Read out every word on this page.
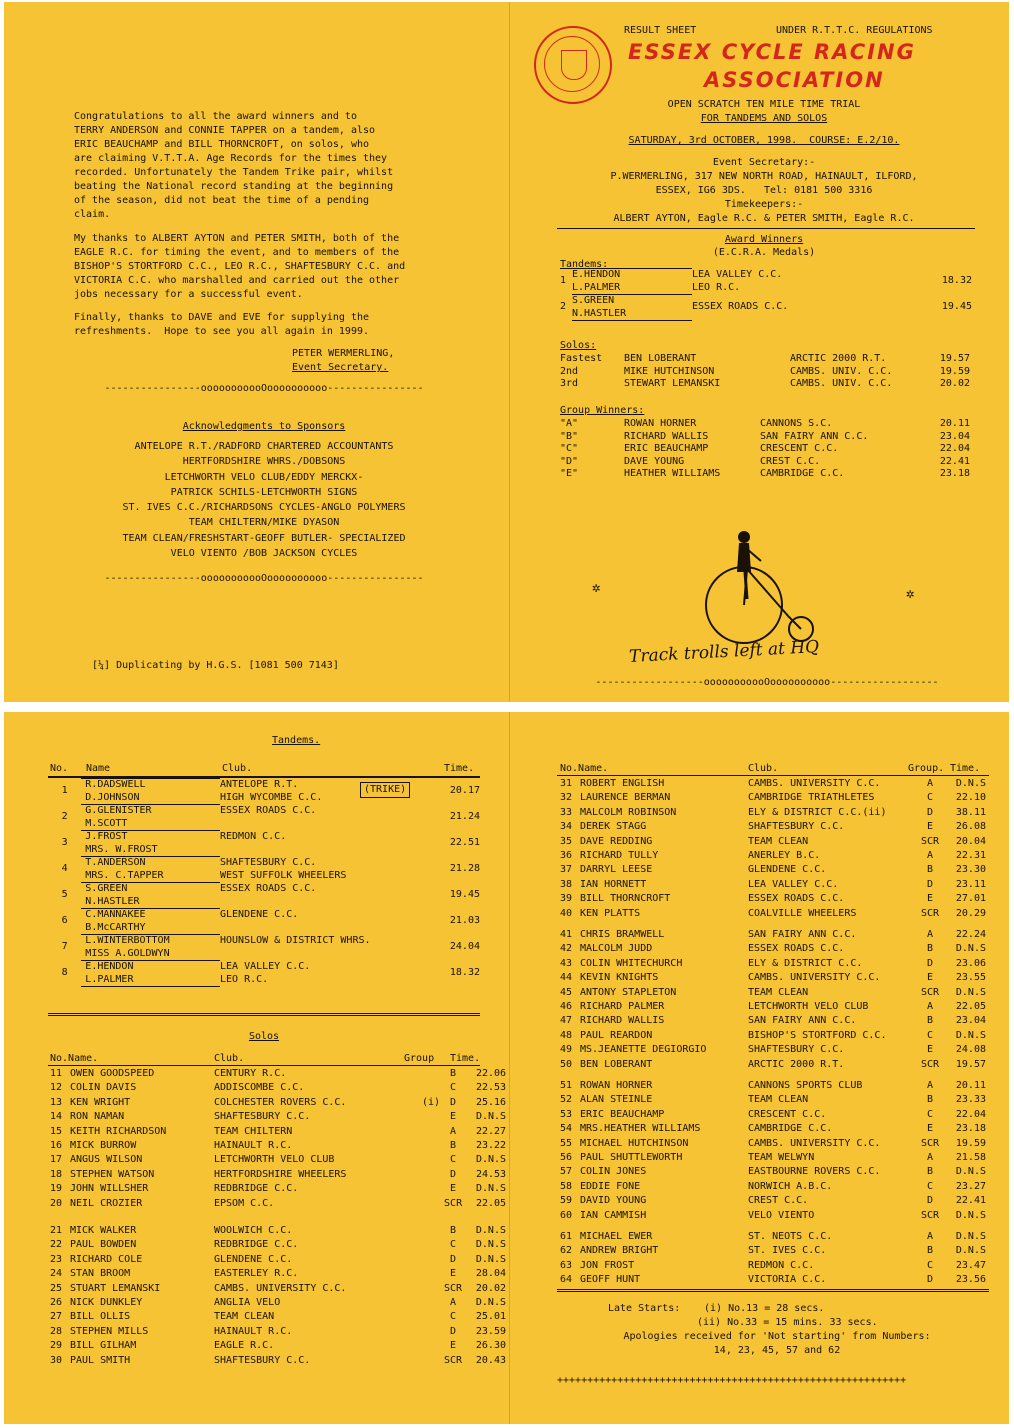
Congratulations to all the award winners and to
TERRY ANDERSON and CONNIE TAPPER on a tandem, also
ERIC BEAUCHAMP and BILL THORNCROFT, on solos, who
are claiming V.T.T.A. Age Records for the times they
recorded. Unfortunately the Tandem Trike pair, whilst
beating the National record standing at the beginning
of the season, did not beat the time of a pending
claim.
My thanks to ALBERT AYTON and PETER SMITH, both of the
EAGLE R.C. for timing the event, and to members of the
BISHOP'S STORTFORD C.C., LEO R.C., SHAFTESBURY C.C. and
VICTORIA C.C. who marshalled and carried out the other
jobs necessary for a successful event.
Finally, thanks to DAVE and EVE for supplying the
refreshments.  Hope to see you all again in 1999.
PETER WERMERLING,
Event Secretary.
----------------ooooooooooOoooooooooo----------------
Acknowledgments to Sponsors
ANTELOPE R.T./RADFORD CHARTERED ACCOUNTANTS
HERTFORDSHIRE WHRS./DOBSONS
LETCHWORTH VELO CLUB/EDDY MERCKX-
PATRICK SCHILS-LETCHWORTH SIGNS
ST. IVES C.C./RICHARDSONS CYCLES-ANGLO POLYMERS
TEAM CHILTERN/MIKE DYASON
TEAM CLEAN/FRESHSTART-GEOFF BUTLER- SPECIALIZED
VELO VIENTO /BOB JACKSON CYCLES
----------------ooooooooooOoooooooooo----------------
[¼] Duplicating by H.G.S. [1081 500 7143]
RESULT SHEET	UNDER R.T.T.C. REGULATIONS
ESSEX CYCLE RACING
ASSOCIATION
OPEN SCRATCH TEN MILE TIME TRIAL
FOR TANDEMS AND SOLOS
SATURDAY, 3rd OCTOBER, 1998.  COURSE: E.2/10.
Event Secretary:-
P.WERMERLING, 317 NEW NORTH ROAD, HAINAULT, ILFORD,
ESSEX, IG6 3DS.   Tel: 0181 500 3316
Timekeepers:-
ALBERT AYTON, Eagle R.C. & PETER SMITH, Eagle R.C.
Award Winners
(E.C.R.A. Medals)
Tandems:
1	E.HENDON	LEA VALLEY C.C.	18.32
	L.PALMER	LEO R.C.	
2	S.GREEN	ESSEX ROADS C.C.	19.45
	N.HASTLER		
Solos:
Fastest	BEN LOBERANT	ARCTIC 2000 R.T.	19.57
2nd	MIKE HUTCHINSON	CAMBS. UNIV. C.C.	19.59
3rd	STEWART LEMANSKI	CAMBS. UNIV. C.C.	20.02
Group Winners:
"A"	ROWAN HORNER	CANNONS S.C.	20.11
"B"	RICHARD WALLIS	SAN FAIRY ANN C.C.	23.04
"C"	ERIC BEAUCHAMP	CRESCENT C.C.	22.04
"D"	DAVE YOUNG	CREST C.C.	22.41
"E"	HEATHER WILLIAMS	CAMBRIDGE C.C.	23.18
✲	✲
Track trolls left at HQ
------------------ooooooooooOoooooooooo------------------
Tandems.
No. Name	Club.	Time.
(TRIKE)
1	R.DADSWELL	ANTELOPE R.T.	20.17
	D.JOHNSON	HIGH WYCOMBE C.C.	
2	G.GLENISTER	ESSEX ROADS C.C.	21.24
	M.SCOTT		
3	J.FROST	REDMON C.C.	22.51
	MRS. W.FROST		
4	T.ANDERSON	SHAFTESBURY C.C.	21.28
	MRS. C.TAPPER	WEST SUFFOLK WHEELERS	
5	S.GREEN	ESSEX ROADS C.C.	19.45
	N.HASTLER		
6	C.MANNAKEE	GLENDENE C.C.	21.03
	B.McCARTHY		
7	L.WINTERBOTTOM	HOUNSLOW & DISTRICT WHRS.	24.04
	MISS A.GOLDWYN		
8	E.HENDON	LEA VALLEY C.C.	18.32
	L.PALMER	LEO R.C.	
Solos
No.Name.	Club.	Group Time.
11	OWEN GOODSPEED	CENTURY R.C.		B	22.06
12	COLIN DAVIS	ADDISCOMBE C.C.		C	22.53
13	KEN WRIGHT	COLCHESTER ROVERS C.C.	(i)	D	25.16
14	RON NAMAN	SHAFTESBURY C.C.		E	D.N.S
15	KEITH RICHARDSON	TEAM CHILTERN		A	22.27
16	MICK BURROW	HAINAULT R.C.		B	23.22
17	ANGUS WILSON	LETCHWORTH VELO CLUB		C	D.N.S
18	STEPHEN WATSON	HERTFORDSHIRE WHEELERS		D	24.53
19	JOHN WILLSHER	REDBRIDGE C.C.		E	D.N.S
20	NEIL CROZIER	EPSOM C.C.		SCR	22.05
21	MICK WALKER	WOOLWICH C.C.		B	D.N.S
22	PAUL BOWDEN	REDBRIDGE C.C.		C	D.N.S
23	RICHARD COLE	GLENDENE C.C.		D	D.N.S
24	STAN BROOM	EASTERLEY R.C.		E	28.04
25	STUART LEMANSKI	CAMBS. UNIVERSITY C.C.		SCR	20.02
26	NICK DUNKLEY	ANGLIA VELO		A	D.N.S
27	BILL OLLIS	TEAM CLEAN		C	25.01
28	STEPHEN MILLS	HAINAULT R.C.		D	23.59
29	BILL GILHAM	EAGLE R.C.		E	26.30
30	PAUL SMITH	SHAFTESBURY C.C.		SCR	20.43
No.Name.	Club.	Group. Time.
31	ROBERT ENGLISH	CAMBS. UNIVERSITY C.C.	A	D.N.S
32	LAURENCE BERMAN	CAMBRIDGE TRIATHLETES	C	22.10
33	MALCOLM ROBINSON	ELY & DISTRICT C.C.(ii)	D	38.11
34	DEREK STAGG	SHAFTESBURY C.C.	E	26.08
35	DAVE REDDING	TEAM CLEAN	SCR	20.04
36	RICHARD TULLY	ANERLEY B.C.	A	22.31
37	DARRYL LEESE	GLENDENE C.C.	B	23.30
38	IAN HORNETT	LEA VALLEY C.C.	D	23.11
39	BILL THORNCROFT	ESSEX ROADS C.C.	E	27.01
40	KEN PLATTS	COALVILLE WHEELERS	SCR	20.29
41	CHRIS BRAMWELL	SAN FAIRY ANN C.C.	A	22.24
42	MALCOLM JUDD	ESSEX ROADS C.C.	B	D.N.S
43	COLIN WHITECHURCH	ELY & DISTRICT C.C.	D	23.06
44	KEVIN KNIGHTS	CAMBS. UNIVERSITY C.C.	E	23.55
45	ANTONY STAPLETON	TEAM CLEAN	SCR	D.N.S
46	RICHARD PALMER	LETCHWORTH VELO CLUB	A	22.05
47	RICHARD WALLIS	SAN FAIRY ANN C.C.	B	23.04
48	PAUL REARDON	BISHOP'S STORTFORD C.C.	C	D.N.S
49	MS.JEANETTE DEGIORGIO	SHAFTESBURY C.C.	E	24.08
50	BEN LOBERANT	ARCTIC 2000 R.T.	SCR	19.57
51	ROWAN HORNER	CANNONS SPORTS CLUB	A	20.11
52	ALAN STEINLE	TEAM CLEAN	B	23.33
53	ERIC BEAUCHAMP	CRESCENT C.C.	C	22.04
54	MRS.HEATHER WILLIAMS	CAMBRIDGE C.C.	E	23.18
55	MICHAEL HUTCHINSON	CAMBS. UNIVERSITY C.C.	SCR	19.59
56	PAUL SHUTTLEWORTH	TEAM WELWYN	A	21.58
57	COLIN JONES	EASTBOURNE ROVERS C.C.	B	D.N.S
58	EDDIE FONE	NORWICH A.B.C.	C	23.27
59	DAVID YOUNG	CREST C.C.	D	22.41
60	IAN CAMMISH	VELO VIENTO	SCR	D.N.S
61	MICHAEL EWER	ST. NEOTS C.C.	A	D.N.S
62	ANDREW BRIGHT	ST. IVES C.C.	B	D.N.S
63	JON FROST	REDMON C.C.	C	23.47
64	GEOFF HUNT	VICTORIA C.C.	D	23.56
Late Starts: (i) No.13 = 28 secs.
(ii) No.33 = 15 mins. 33 secs.
Apologies received for 'Not starting' from Numbers:
14, 23, 45, 57 and 62
++++++++++++++++++++++++++++++++++++++++++++++++++++++++++
